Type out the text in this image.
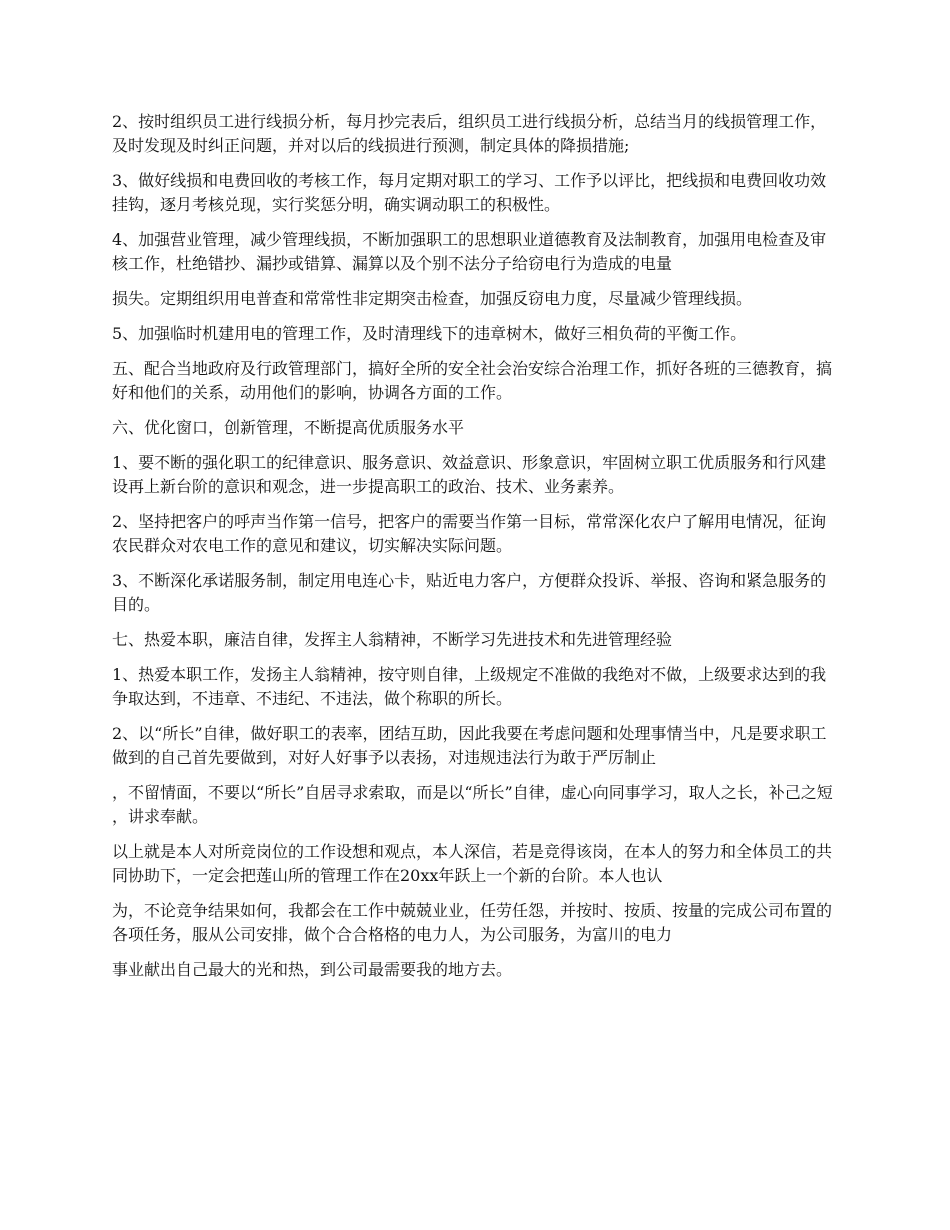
2、按时组织员工进行线损分析，每月抄完表后，组织员工进行线损分析，总结当月的线损管理工作，及时发现及时纠正问题，并对以后的线损进行预测，制定具体的降损措施;

3、做好线损和电费回收的考核工作，每月定期对职工的学习、工作予以评比，把线损和电费回收功效挂钩，逐月考核兑现，实行奖惩分明，确实调动职工的积极性。

4、加强营业管理，减少管理线损，不断加强职工的思想职业道德教育及法制教育，加强用电检查及审核工作，杜绝错抄、漏抄或错算、漏算以及个别不法分子给窃电行为造成的电量

损失。定期组织用电普查和常常性非定期突击检查，加强反窃电力度，尽量减少管理线损。

5、加强临时机建用电的管理工作，及时清理线下的违章树木，做好三相负荷的平衡工作。

五、配合当地政府及行政管理部门，搞好全所的安全社会治安综合治理工作，抓好各班的三德教育，搞好和他们的关系，动用他们的影响，协调各方面的工作。

六、优化窗口，创新管理，不断提高优质服务水平

1、要不断的强化职工的纪律意识、服务意识、效益意识、形象意识，牢固树立职工优质服务和行风建设再上新台阶的意识和观念，进一步提高职工的政治、技术、业务素养。

2、坚持把客户的呼声当作第一信号，把客户的需要当作第一目标，常常深化农户了解用电情况，征询农民群众对农电工作的意见和建议，切实解决实际问题。

3、不断深化承诺服务制，制定用电连心卡，贴近电力客户，方便群众投诉、举报、咨询和紧急服务的目的。

七、热爱本职，廉洁自律，发挥主人翁精神，不断学习先进技术和先进管理经验

1、热爱本职工作，发扬主人翁精神，按守则自律，上级规定不准做的我绝对不做，上级要求达到的我争取达到，不违章、不违纪、不违法，做个称职的所长。

2、以“所长”自律，做好职工的表率，团结互助，因此我要在考虑问题和处理事情当中，凡是要求职工做到的自己首先要做到，对好人好事予以表扬，对违规违法行为敢于严厉制止

，不留情面，不要以“所长”自居寻求索取，而是以“所长”自律，虚心向同事学习，取人之长，补己之短，讲求奉献。

以上就是本人对所竞岗位的工作设想和观点，本人深信，若是竞得该岗，在本人的努力和全体员工的共同协助下，一定会把莲山所的管理工作在20xx年跃上一个新的台阶。本人也认

为，不论竞争结果如何，我都会在工作中兢兢业业，任劳任怨，并按时、按质、按量的完成公司布置的各项任务，服从公司安排，做个合合格格的电力人，为公司服务，为富川的电力

事业献出自己最大的光和热，到公司最需要我的地方去。
